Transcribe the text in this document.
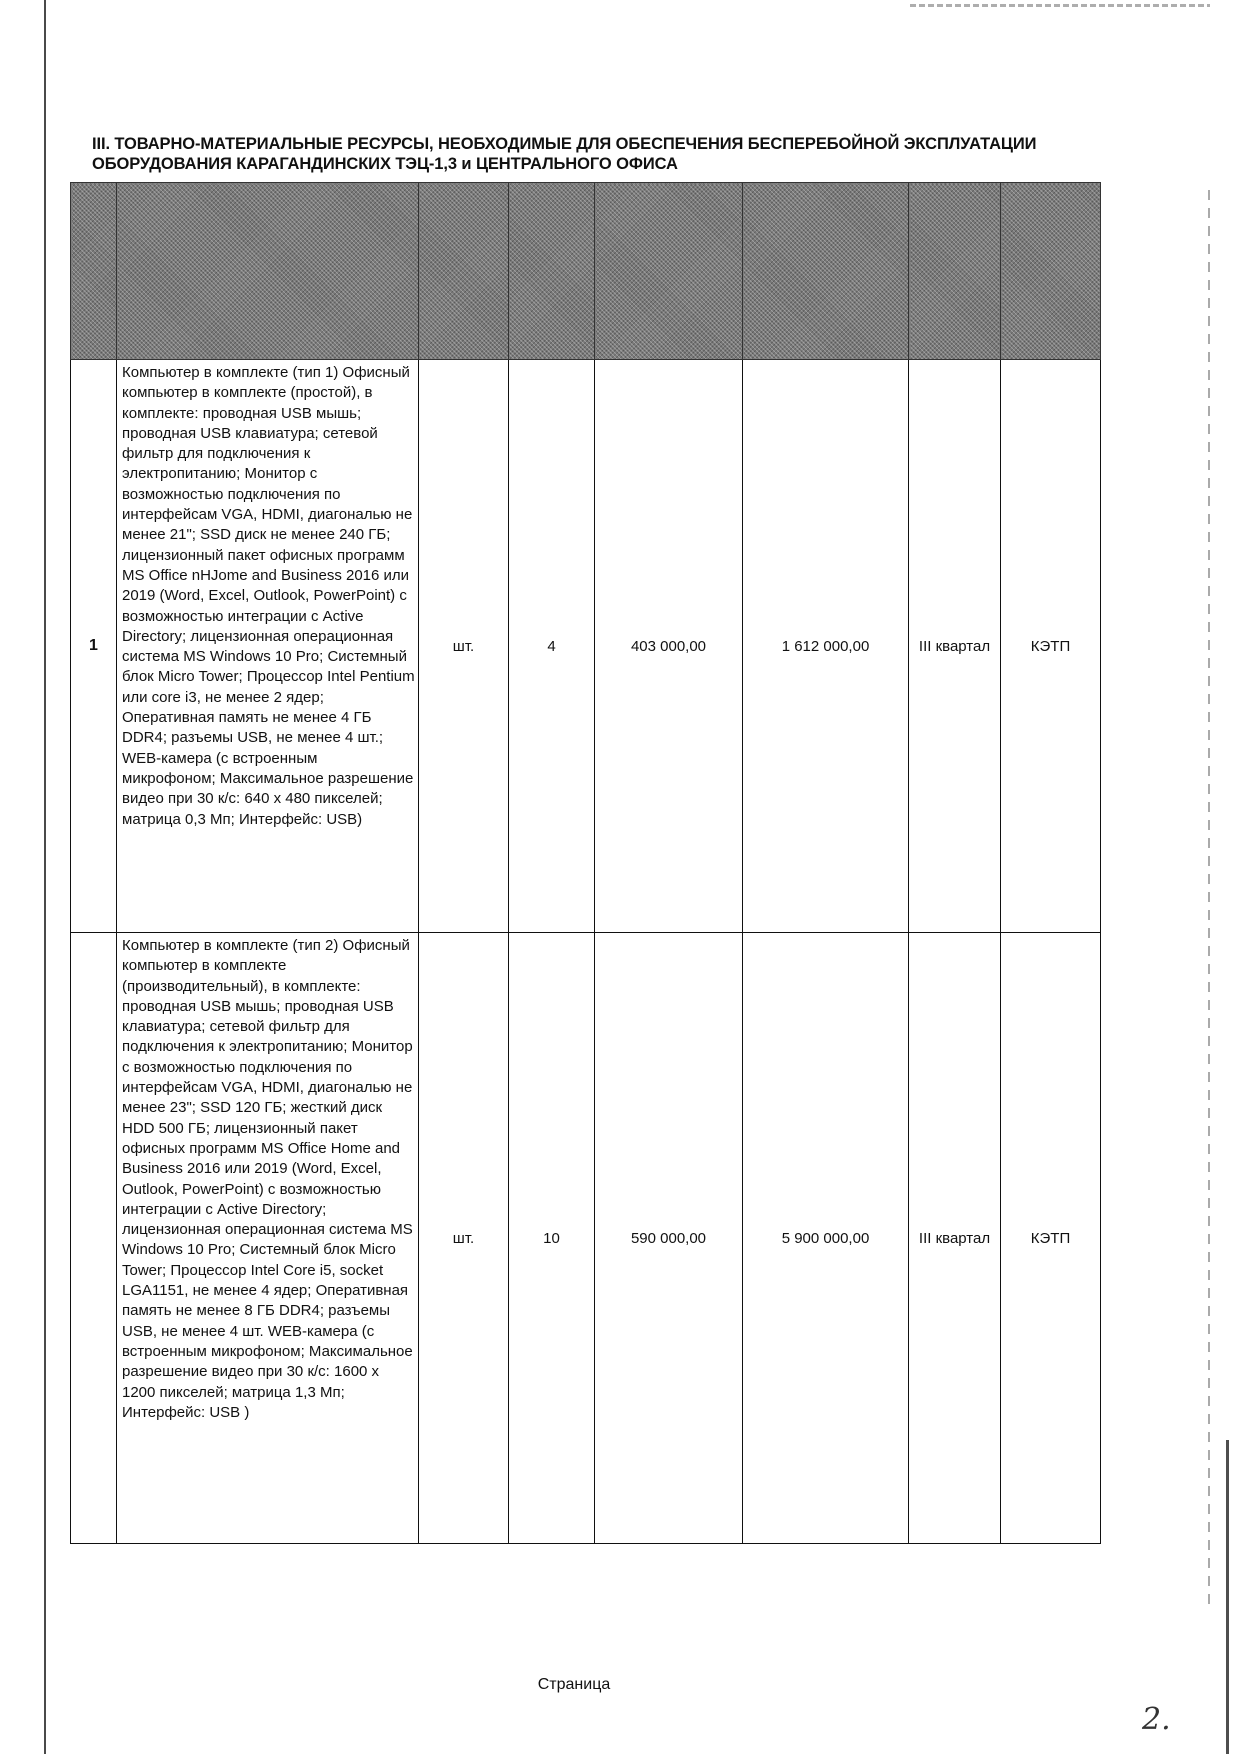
III. ТОВАРНО-МАТЕРИАЛЬНЫЕ РЕСУРСЫ, НЕОБХОДИМЫЕ ДЛЯ ОБЕСПЕЧЕНИЯ БЕСПЕРЕБОЙНОЙ ЭКСПЛУАТАЦИИ
ОБОРУДОВАНИЯ КАРАГАНДИНСКИХ ТЭЦ-1,3 и ЦЕНТРАЛЬНОГО ОФИСА

1	Компьютер в комплекте (тип 1) Офисный компьютер в комплекте (простой), в комплекте: проводная USB мышь; проводная USB клавиатура; сетевой фильтр для подключения к электропитанию; Монитор с возможностью подключения по интерфейсам VGA, HDMI, диагональю не менее 21"; SSD диск не менее 240 ГБ; лицензионный пакет офисных программ MS Office nHJome and Business 2016 или 2019 (Word, Excel, Outlook, PowerPoint) с возможностью интеграции с Active Directory; лицензионная операционная система MS Windows 10 Pro; Системный блок Micro Tower; Процессор Intel Pentium или core i3, не менее 2 ядер; Оперативная память не менее 4 ГБ DDR4; разъемы USB, не менее 4 шт.; WEB-камера (с встроенным микрофоном; Максимальное разрешение видео при 30 к/с: 640 x 480 пикселей; матрица 0,3 Мп; Интерфейс: USB)	шт.	4	403 000,00	1 612 000,00	III квартал	КЭТП
	Компьютер в комплекте (тип 2) Офисный компьютер в комплекте (производительный), в комплекте: проводная USB мышь; проводная USB клавиатура; сетевой фильтр для подключения к электропитанию; Монитор с возможностью подключения по интерфейсам VGA, HDMI, диагональю не менее 23"; SSD 120 ГБ; жесткий диск HDD 500 ГБ; лицензионный пакет офисных программ MS Office Home and Business 2016 или 2019 (Word, Excel, Outlook, PowerPoint) с возможностью интеграции с Active Directory; лицензионная операционная система MS Windows 10 Pro; Системный блок Micro Tower; Процессор Intel Core i5, socket LGA1151, не менее 4 ядер; Оперативная память не менее 8 ГБ DDR4; разъемы USB, не менее 4 шт. WEB-камера (с встроенным микрофоном; Максимальное разрешение видео при 30 к/с: 1600 x 1200 пикселей; матрица 1,3 Мп; Интерфейс: USB )	шт.	10	590 000,00	5 900 000,00	III квартал	КЭТП
Страница
2.
